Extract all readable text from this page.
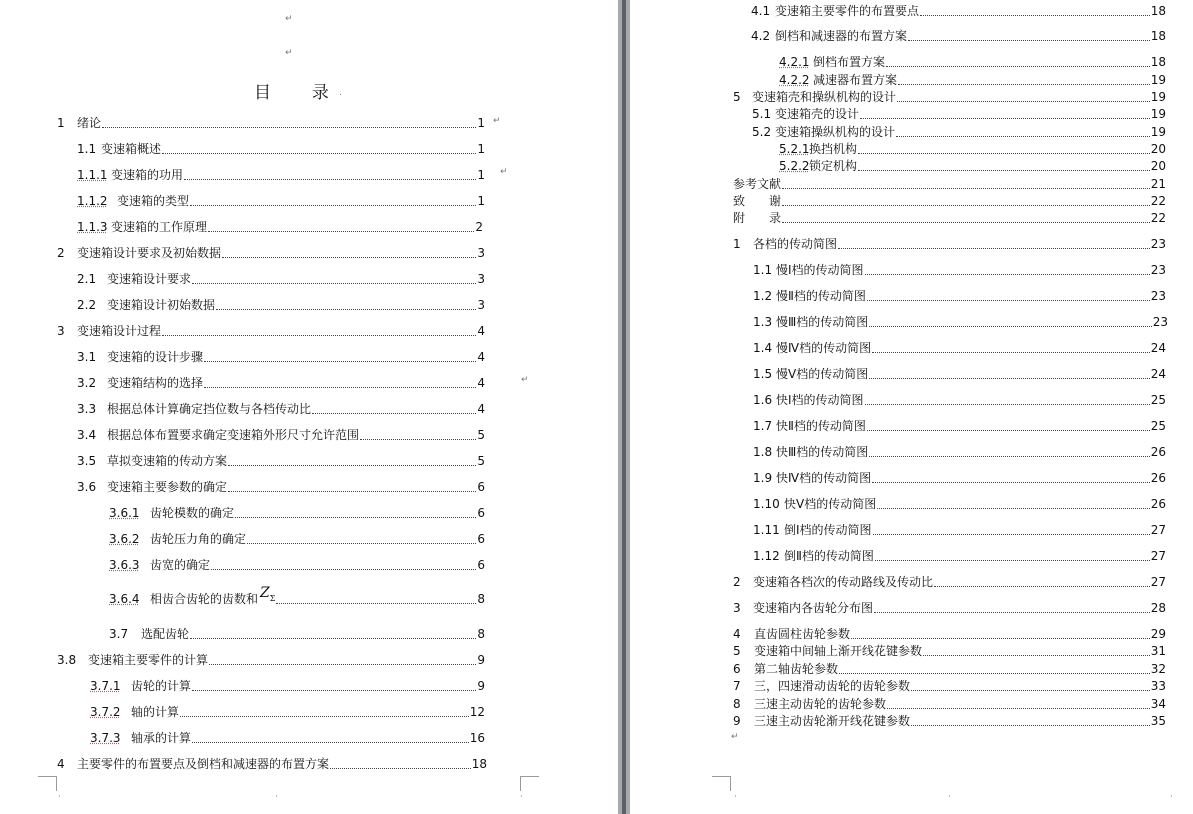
↵
↵
目 录 .
1	绪论	1
1.1 变速箱概述	1
1.1.1 变速箱的功用	1
1.1.2 变速箱的类型	1
1.1.3 变速箱的工作原理	2
2	变速箱设计要求及初始数据	3
2.1 变速箱设计要求	3
2.2 变速箱设计初始数据	3
3	变速箱设计过程	4
3.1 变速箱的设计步骤	4
3.2 变速箱结构的选择	4
3.3 根据总体计算确定挡位数与各档传动比	4
3.4 根据总体布置要求确定变速箱外形尺寸允许范围	5
3.5 草拟变速箱的传动方案	5
3.6 变速箱主要参数的确定	6
3.6.1 齿轮模数的确定	6
3.6.2 齿轮压力角的确定	6
3.6.3 齿宽的确定	6
3.6.4 相齿合齿轮的齿数和 $Z_\Sigma$	8
3.7	选配齿轮	8
3.8 变速箱主要零件的计算	9
3.7.1 齿轮的计算	9
3.7.2 轴的计算	12
3.7.3 轴承的计算	16
4	主要零件的布置要点及倒档和减速器的布置方案	18
↵
↵
↵
·	·	·
4.1 变速箱主要零件的布置要点	18
4.2 倒档和减速器的布置方案	18
4.2.1 倒档布置方案	18
4.2.2 减速器布置方案	19
5 变速箱壳和操纵机构的设计	19
5.1 变速箱壳的设计	19
5.2 变速箱操纵机构的设计	19
5.2.1 换挡机构	20
5.2.2 锁定机构	20
参考文献	21
致　　谢	22
附　　录	22
1	各档的传动简图	23
1.1 慢Ⅰ档的传动简图	23
1.2 慢Ⅱ档的传动简图	23
1.3 慢Ⅲ档的传动简图	23
1.4 慢Ⅳ档的传动简图	24
1.5 慢Ⅴ档的传动简图	24
1.6 快Ⅰ档的传动简图	25
1.7 快Ⅱ档的传动简图	25
1.8 快Ⅲ档的传动简图	26
1.9 快Ⅳ档的传动简图	26
1.10 快Ⅴ档的传动简图	26
1.11 倒Ⅰ档的传动简图	27
1.12 倒Ⅱ档的传动简图	27
2	变速箱各档次的传动路线及传动比	27
3	变速箱内各齿轮分布图	28
4	直齿圆柱齿轮参数	29
5	变速箱中间轴上渐开线花键参数	31
6	第二轴齿轮参数	32
7	三，四速滑动齿轮的齿轮参数	33
8	三速主动齿轮的齿轮参数	34
9	三速主动齿轮渐开线花键参数	35
↵
·	·	·
